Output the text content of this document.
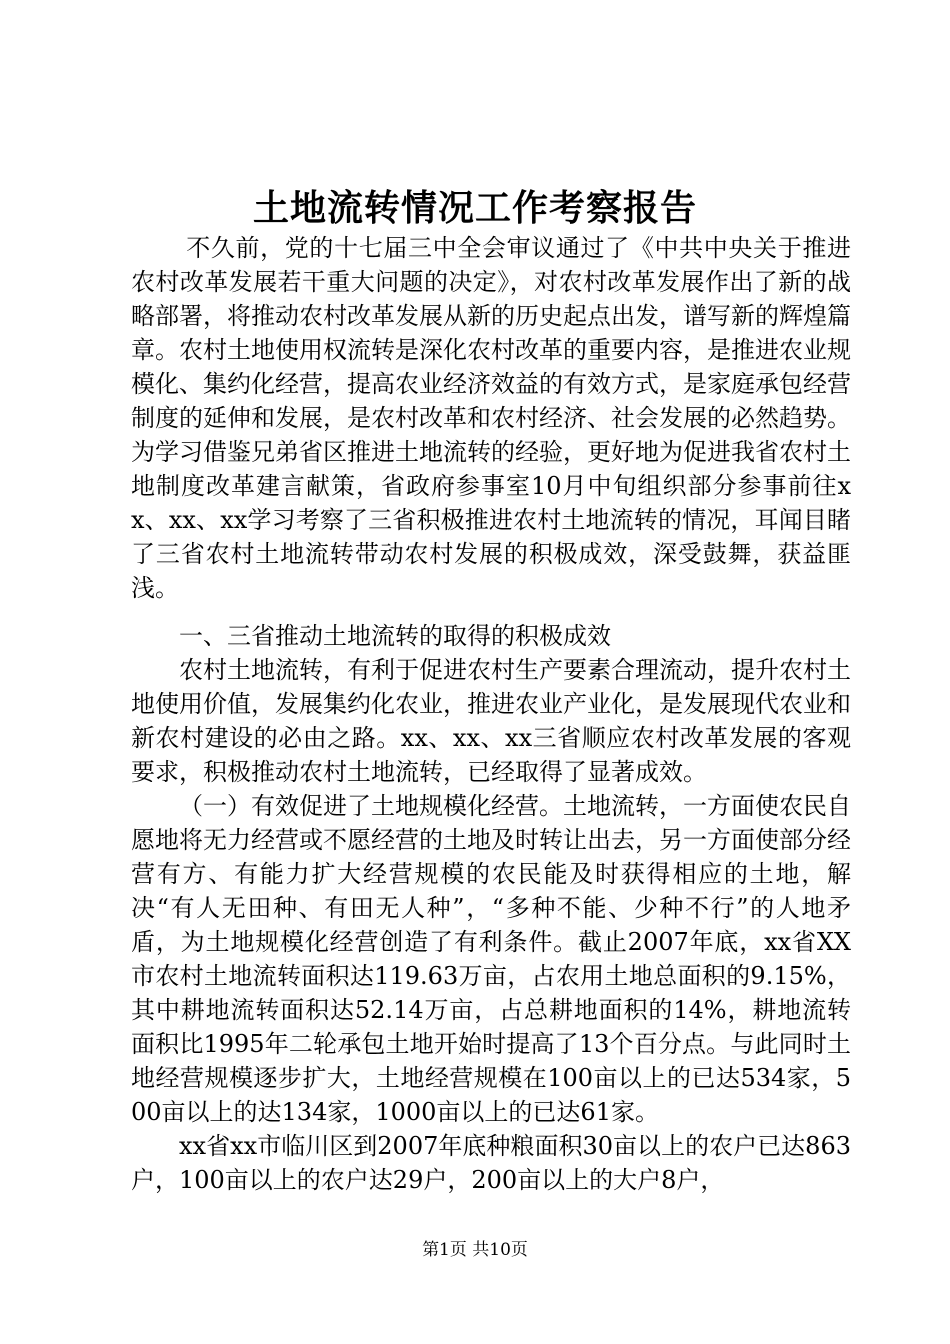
土地流转情况工作考察报告

不久前，党的十七届三中全会审议通过了《中共中央关于推进农村改革发展若干重大问题的决定》，对农村改革发展作出了新的战略部署，将推动农村改革发展从新的历史起点出发，谱写新的辉煌篇章。农村土地使用权流转是深化农村改革的重要内容，是推进农业规模化、集约化经营，提高农业经济效益的有效方式，是家庭承包经营制度的延伸和发展，是农村改革和农村经济、社会发展的必然趋势。为学习借鉴兄弟省区推进土地流转的经验，更好地为促进我省农村土地制度改革建言献策，省政府参事室10月中旬组织部分参事前往xx、xx、xx学习考察了三省积极推进农村土地流转的情况，耳闻目睹了三省农村土地流转带动农村发展的积极成效，深受鼓舞，获益匪浅。

一、三省推动土地流转的取得的积极成效

农村土地流转，有利于促进农村生产要素合理流动，提升农村土地使用价值，发展集约化农业，推进农业产业化，是发展现代农业和新农村建设的必由之路。xx、xx、xx三省顺应农村改革发展的客观要求，积极推动农村土地流转，已经取得了显著成效。

（一）有效促进了土地规模化经营。土地流转，一方面使农民自愿地将无力经营或不愿经营的土地及时转让出去，另一方面使部分经营有方、有能力扩大经营规模的农民能及时获得相应的土地，解决“有人无田种、有田无人种”，“多种不能、少种不行”的人地矛盾，为土地规模化经营创造了有利条件。截止2007年底，xx省XX市农村土地流转面积达119.63万亩，占农用土地总面积的9.15%，其中耕地流转面积达52.14万亩，占总耕地面积的14%，耕地流转面积比1995年二轮承包土地开始时提高了13个百分点。与此同时土地经营规模逐步扩大，土地经营规模在100亩以上的已达534家，500亩以上的达134家，1000亩以上的已达61家。

xx省xx市临川区到2007年底种粮面积30亩以上的农户已达863户，100亩以上的农户达29户，200亩以上的大户8户，

第1页 共10页
